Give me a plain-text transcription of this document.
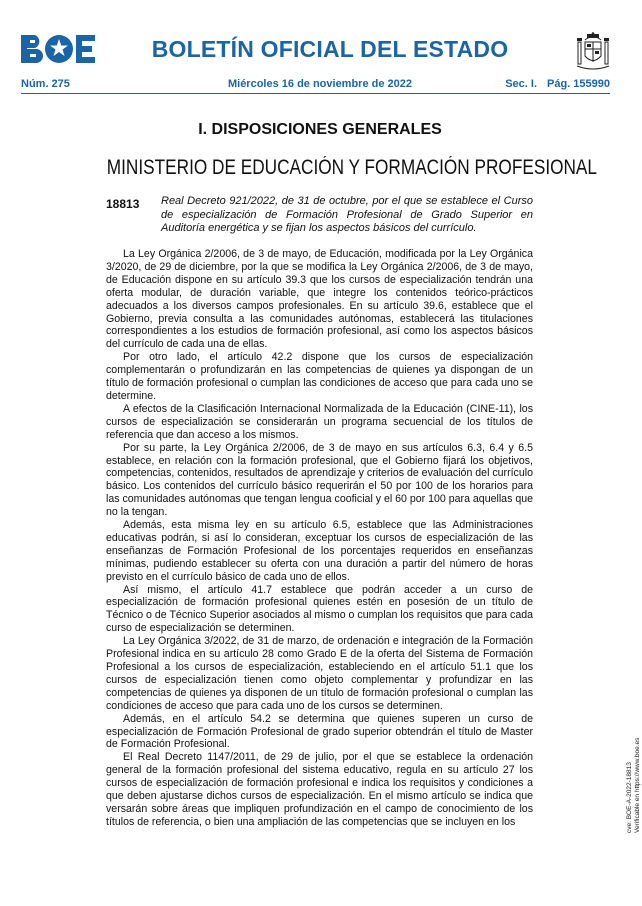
BOLETÍN OFICIAL DEL ESTADO
Núm. 275	Miércoles 16 de noviembre de 2022	Sec. I. Pág. 155990
I. DISPOSICIONES GENERALES
MINISTERIO DE EDUCACIÓN Y FORMACIÓN PROFESIONAL
18813 Real Decreto 921/2022, de 31 de octubre, por el que se establece el Curso de especialización de Formación Profesional de Grado Superior en Auditoría energética y se fijan los aspectos básicos del currículo.

La Ley Orgánica 2/2006, de 3 de mayo, de Educación, modificada por la Ley Orgánica 3/2020, de 29 de diciembre, por la que se modifica la Ley Orgánica 2/2006, de 3 de mayo, de Educación dispone en su artículo 39.3 que los cursos de especialización tendrán una oferta modular, de duración variable, que integre los contenidos teórico-prácticos adecuados a los diversos campos profesionales. En su artículo 39.6, establece que el Gobierno, previa consulta a las comunidades autónomas, establecerá las titulaciones correspondientes a los estudios de formación profesional, así como los aspectos básicos del currículo de cada una de ellas.

Por otro lado, el artículo 42.2 dispone que los cursos de especialización complementarán o profundizarán en las competencias de quienes ya dispongan de un título de formación profesional o cumplan las condiciones de acceso que para cada uno se determine.

A efectos de la Clasificación Internacional Normalizada de la Educación (CINE-11), los cursos de especialización se considerarán un programa secuencial de los títulos de referencia que dan acceso a los mismos.

Por su parte, la Ley Orgánica 2/2006, de 3 de mayo en sus artículos 6.3, 6.4 y 6.5 establece, en relación con la formación profesional, que el Gobierno fijará los objetivos, competencias, contenidos, resultados de aprendizaje y criterios de evaluación del currículo básico. Los contenidos del currículo básico requerirán el 50 por 100 de los horarios para las comunidades autónomas que tengan lengua cooficial y el 60 por 100 para aquellas que no la tengan.

Además, esta misma ley en su artículo 6.5, establece que las Administraciones educativas podrán, si así lo consideran, exceptuar los cursos de especialización de las enseñanzas de Formación Profesional de los porcentajes requeridos en enseñanzas mínimas, pudiendo establecer su oferta con una duración a partir del número de horas previsto en el currículo básico de cada uno de ellos.

Así mismo, el artículo 41.7 establece que podrán acceder a un curso de especialización de formación profesional quienes estén en posesión de un título de Técnico o de Técnico Superior asociados al mismo o cumplan los requisitos que para cada curso de especialización se determinen.

La Ley Orgánica 3/2022, de 31 de marzo, de ordenación e integración de la Formación Profesional indica en su artículo 28 como Grado E de la oferta del Sistema de Formación Profesional a los cursos de especialización, estableciendo en el artículo 51.1 que los cursos de especialización tienen como objeto complementar y profundizar en las competencias de quienes ya disponen de un título de formación profesional o cumplan las condiciones de acceso que para cada uno de los cursos se determinen.

Además, en el artículo 54.2 se determina que quienes superen un curso de especialización de Formación Profesional de grado superior obtendrán el título de Master de Formación Profesional.

El Real Decreto 1147/2011, de 29 de julio, por el que se establece la ordenación general de la formación profesional del sistema educativo, regula en su artículo 27 los cursos de especialización de formación profesional e indica los requisitos y condiciones a que deben ajustarse dichos cursos de especialización. En el mismo artículo se indica que versarán sobre áreas que impliquen profundización en el campo de conocimiento de los títulos de referencia, o bien una ampliación de las competencias que se incluyen en los	cve: BOE-A-2022-18813 Verificable en https://www.boe.es
